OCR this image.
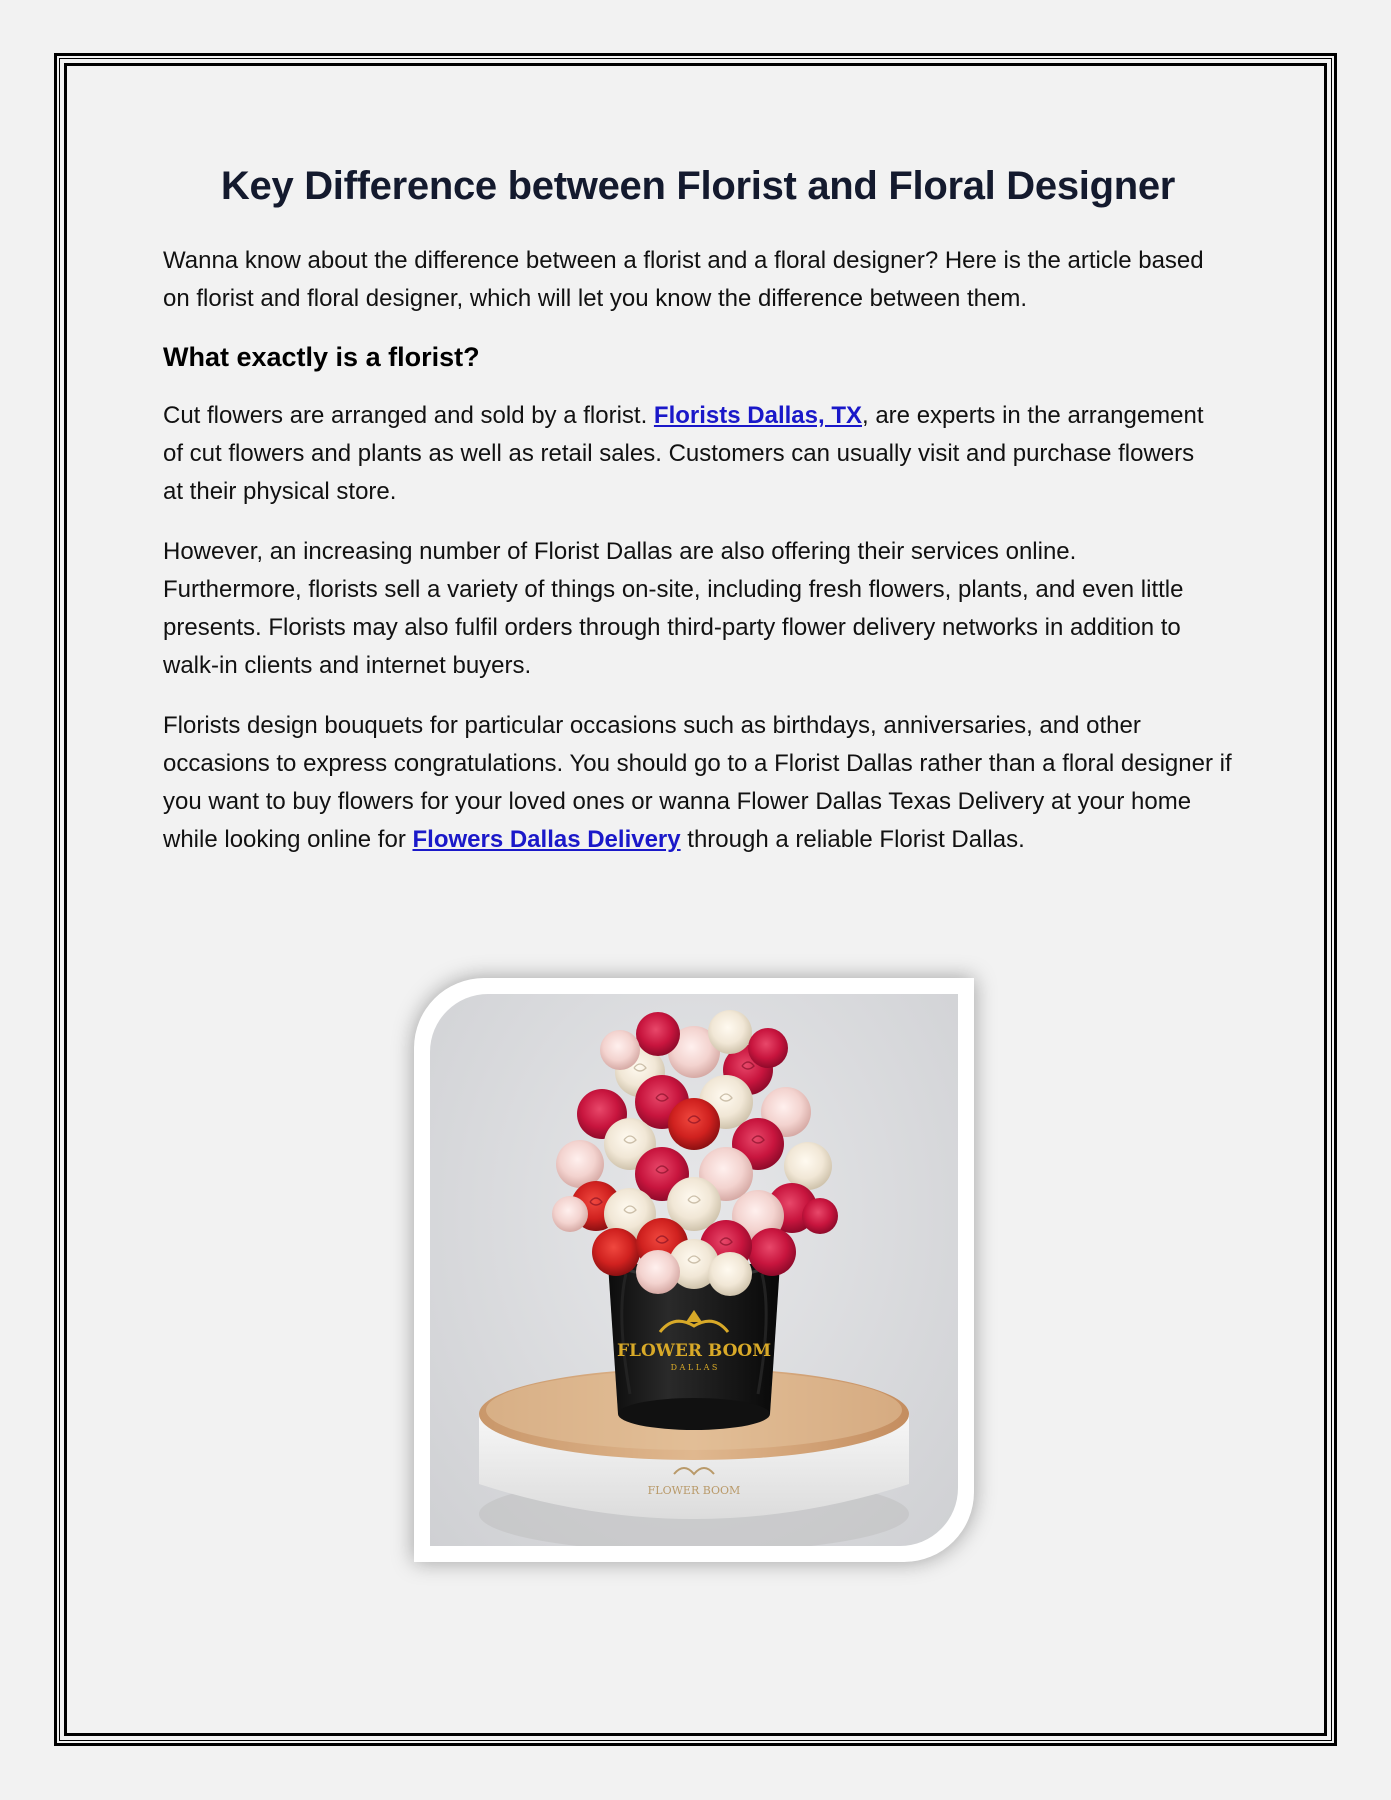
Key Difference between Florist and Floral Designer

Wanna know about the difference between a florist and a floral designer? Here is the article based on florist and floral designer, which will let you know the difference between them.

What exactly is a florist?

Cut flowers are arranged and sold by a florist. Florists Dallas, TX, are experts in the arrangement of cut flowers and plants as well as retail sales. Customers can usually visit and purchase flowers at their physical store.

However, an increasing number of Florist Dallas are also offering their services online. Furthermore, florists sell a variety of things on-site, including fresh flowers, plants, and even little presents. Florists may also fulfil orders through third-party flower delivery networks in addition to walk-in clients and internet buyers.

Florists design bouquets for particular occasions such as birthdays, anniversaries, and other occasions to express congratulations. You should go to a Florist Dallas rather than a floral designer if you want to buy flowers for your loved ones or wanna Flower Dallas Texas Delivery at your home while looking online for Flowers Dallas Delivery through a reliable Florist Dallas.

FLOWER BOOM
FLOWER BOOM
D A L L A S
